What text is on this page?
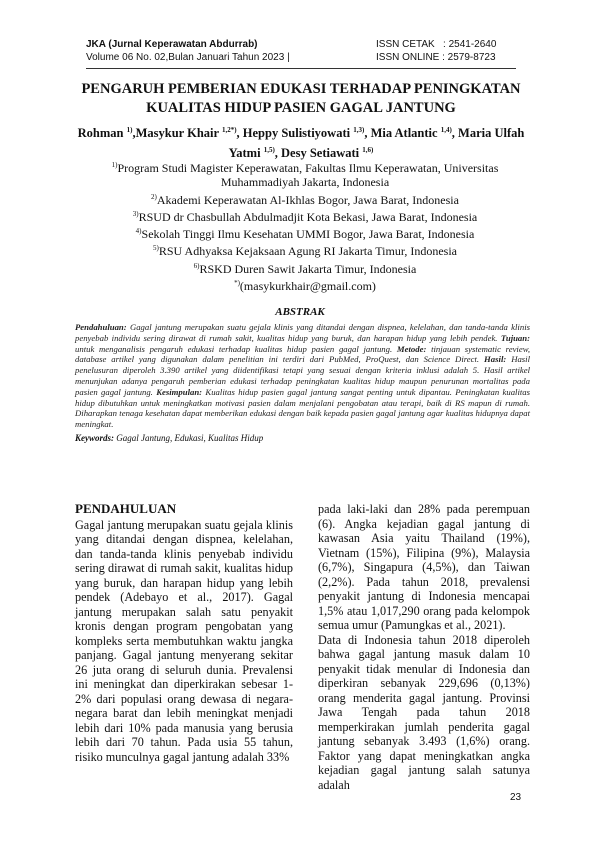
JKA (Jurnal Keperawatan Abdurrab)
Volume 06 No. 02,Bulan Januari Tahun 2023 |
ISSN CETAK   : 2541-2640
ISSN ONLINE : 2579-8723
PENGARUH PEMBERIAN EDUKASI TERHADAP PENINGKATAN
KUALITAS HIDUP PASIEN GAGAL JANTUNG
Rohman $^{1)}$,Masykur Khair $^{1,2*)}$, Heppy Sulistiyowati $^{1,3)}$, Mia Atlantic $^{1,4)}$, Maria Ulfah Yatmi $^{1,5)}$, Desy Setiawati $^{1,6)}$
$^{1)}$Program Studi Magister Keperawatan, Fakultas Ilmu Keperawatan, Universitas Muhammadiyah Jakarta, Indonesia
$^{2)}$Akademi Keperawatan Al-Ikhlas Bogor, Jawa Barat, Indonesia
$^{3)}$RSUD dr Chasbullah Abdulmadjit Kota Bekasi, Jawa Barat, Indonesia
$^{4)}$Sekolah Tinggi Ilmu Kesehatan UMMI Bogor, Jawa Barat, Indonesia
$^{5)}$RSU Adhyaksa Kejaksaan Agung RI Jakarta Timur, Indonesia
$^{6)}$RSKD Duren Sawit Jakarta Timur, Indonesia
*)(masykurkhair@gmail.com)
ABSTRAK
Pendahuluan: Gagal jantung merupakan suatu gejala klinis yang ditandai dengan dispnea, kelelahan, dan tanda-tanda klinis penyebab individu sering dirawat di rumah sakit, kualitas hidup yang buruk, dan harapan hidup yang lebih pendek. Tujuan: untuk menganalisis pengaruh edukasi terhadap kualitas hidup pasien gagal jantung. Metode: tinjauan systematic review, database artikel yang digunakan dalam penelitian ini terdiri dari PubMed, ProQuest, dan Science Direct. Hasil: Hasil penelusuran diperoleh 3.390 artikel yang diidentifikasi tetapi yang sesuai dengan kriteria inklusi adalah 5. Hasil artikel menunjukan adanya pengaruh pemberian edukasi terhadap peningkatan kualitas hidup maupun penurunan mortalitas pada pasien gagal jantung. Kesimpulan: Kualitas hidup pasien gagal jantung sangat penting untuk dipantau. Peningkatan kualitas hidup dibutuhkan untuk meningkatkan motivasi pasien dalam menjalani pengobatan atau terapi, baik di RS mapun di rumah. Diharapkan tenaga kesehatan dapat memberikan edukasi dengan baik kepada pasien gagal jantung agar kualitas hidupnya dapat meningkat.
Keywords: Gagal Jantung, Edukasi, Kualitas Hidup
PENDAHULUAN

Gagal jantung merupakan suatu gejala klinis yang ditandai dengan dispnea, kelelahan, dan tanda-tanda klinis penyebab individu sering dirawat di rumah sakit, kualitas hidup yang buruk, dan harapan hidup yang lebih pendek (Adebayo et al., 2017). Gagal jantung merupakan salah satu penyakit kronis dengan program pengobatan yang kompleks serta membutuhkan waktu jangka panjang. Gagal jantung menyerang sekitar 26 juta orang di seluruh dunia. Prevalensi ini meningkat dan diperkirakan sebesar 1-2% dari populasi orang dewasa di negara-negara barat dan lebih meningkat menjadi lebih dari 10% pada manusia yang berusia lebih dari 70 tahun. Pada usia 55 tahun, risiko munculnya gagal jantung adalah 33%

pada laki-laki dan 28% pada perempuan (6). Angka kejadian gagal jantung di kawasan Asia yaitu Thailand (19%), Vietnam (15%), Filipina (9%), Malaysia (6,7%), Singapura (4,5%), dan Taiwan (2,2%). Pada tahun 2018, prevalensi penyakit jantung di Indonesia mencapai 1,5% atau 1,017,290 orang pada kelompok semua umur (Pamungkas et al., 2021).

Data di Indonesia tahun 2018 diperoleh bahwa gagal jantung masuk dalam 10 penyakit tidak menular di Indonesia dan diperkiran sebanyak 229,696 (0,13%) orang menderita gagal jantung. Provinsi Jawa Tengah pada tahun 2018 memperkirakan jumlah penderita gagal jantung sebanyak 3.493 (1,6%) orang. Faktor yang dapat meningkatkan angka kejadian gagal jantung salah satunya adalah

23
